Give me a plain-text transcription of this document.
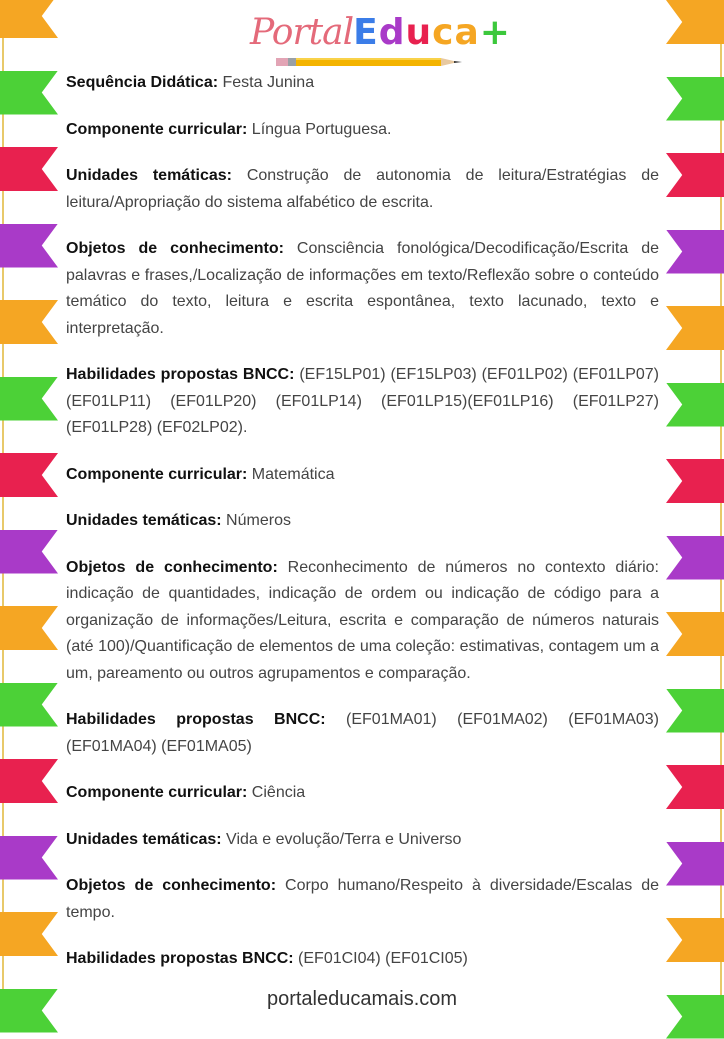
PortalEduca+

Sequência Didática: Festa Junina

Componente curricular: Língua Portuguesa.

Unidades temáticas: Construção de autonomia de leitura/Estratégias de leitura/Apropriação do sistema alfabético de escrita.

Objetos de conhecimento: Consciência fonológica/Decodificação/Escrita de palavras e frases,/Localização de informações em texto/Reflexão sobre o conteúdo temático do texto, leitura e escrita espontânea, texto lacunado, texto e interpretação.

Habilidades propostas BNCC: (EF15LP01) (EF15LP03) (EF01LP02) (EF01LP07) (EF01LP11) (EF01LP20) (EF01LP14) (EF01LP15)(EF01LP16) (EF01LP27) (EF01LP28) (EF02LP02).

Componente curricular: Matemática

Unidades temáticas: Números

Objetos de conhecimento: Reconhecimento de números no contexto diário: indicação de quantidades, indicação de ordem ou indicação de código para a organização de informações/Leitura, escrita e comparação de números naturais (até 100)/Quantificação de elementos de uma coleção: estimativas, contagem um a um, pareamento ou outros agrupamentos e comparação.

Habilidades propostas BNCC: (EF01MA01) (EF01MA02) (EF01MA03) (EF01MA04) (EF01MA05)

Componente curricular: Ciência

Unidades temáticas: Vida e evolução/Terra e Universo

Objetos de conhecimento: Corpo humano/Respeito à diversidade/Escalas de tempo.

Habilidades propostas BNCC: (EF01CI04) (EF01CI05)

portaleducamais.com
